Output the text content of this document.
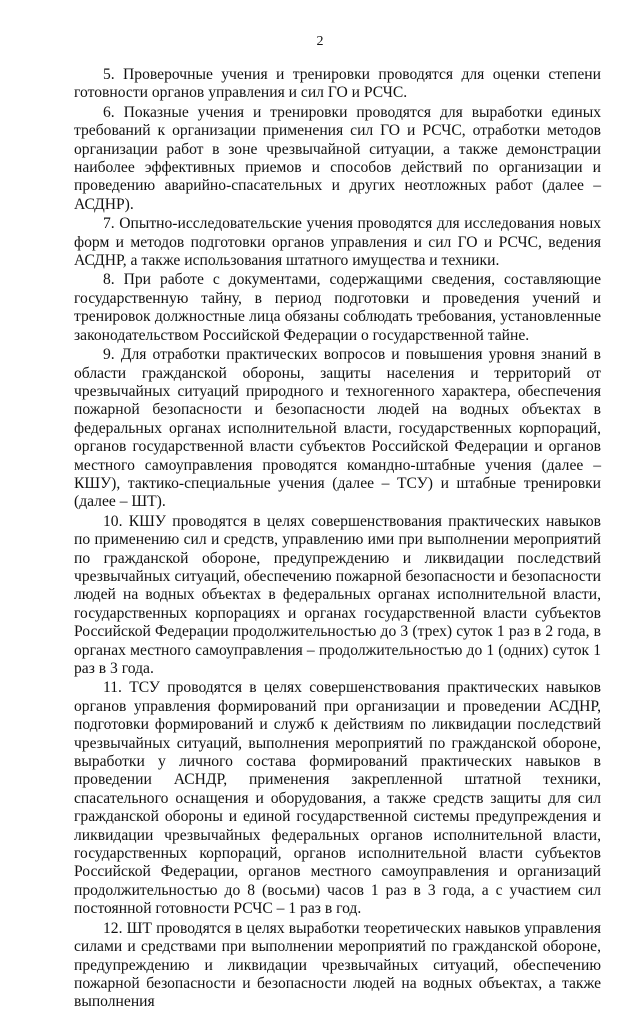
2

5. Проверочные учения и тренировки проводятся для оценки степени готовности органов управления и сил ГО и РСЧС.

6. Показные учения и тренировки проводятся для выработки единых требований к организации применения сил ГО и РСЧС, отработки методов организации работ в зоне чрезвычайной ситуации, а также демонстрации наиболее эффективных приемов и способов действий по организации и проведению аварийно-спасательных и других неотложных работ (далее –АСДНР).

7. Опытно-исследовательские учения проводятся для исследования новых форм и методов подготовки органов управления и сил ГО и РСЧС, ведения АСДНР, а также использования штатного имущества и техники.

8. При работе с документами, содержащими сведения, составляющие государственную тайну, в период подготовки и проведения учений и тренировок должностные лица обязаны соблюдать требования, установленные законодательством Российской Федерации о государственной тайне.

9. Для отработки практических вопросов и повышения уровня знаний в области гражданской обороны, защиты населения и территорий от чрезвычайных ситуаций природного и техногенного характера, обеспечения пожарной безопасности и безопасности людей на водных объектах в федеральных органах исполнительной власти, государственных корпораций, органов государственной власти субъектов Российской Федерации и органов местного самоуправления проводятся командно-штабные учения (далее – КШУ), тактико-специальные учения (далее – ТСУ) и штабные тренировки (далее – ШТ).

10. КШУ проводятся в целях совершенствования практических навыков по применению сил и средств, управлению ими при выполнении мероприятий по гражданской обороне, предупреждению и ликвидации последствий чрезвычайных ситуаций, обеспечению пожарной безопасности и безопасности людей на водных объектах в федеральных органах исполнительной власти, государственных корпорациях и органах государственной власти субъектов Российской Федерации продолжительностью до 3 (трех) суток 1 раз в 2 года, в органах местного самоуправления – продолжительностью до 1 (одних) суток 1 раз в 3 года.

11. ТСУ проводятся в целях совершенствования практических навыков органов управления формирований при организации и проведении АСДНР, подготовки формирований и служб к действиям по ликвидации последствий чрезвычайных ситуаций, выполнения мероприятий по гражданской обороне, выработки у личного состава формирований практических навыков в проведении АСНДР, применения закрепленной штатной техники, спасательного оснащения и оборудования, а также средств защиты для сил гражданской обороны и единой государственной системы предупреждения и ликвидации чрезвычайных федеральных органов исполнительной власти, государственных корпораций, органов исполнительной власти субъектов Российской Федерации, органов местного самоуправления и организаций продолжительностью до 8 (восьми) часов 1 раз в 3 года, а с участием сил постоянной готовности РСЧС – 1 раз в год.

12. ШТ проводятся в целях выработки теоретических навыков управления силами и средствами при выполнении мероприятий по гражданской обороне, предупреждению и ликвидации чрезвычайных ситуаций, обеспечению пожарной безопасности и безопасности людей на водных объектах, а также выполнения
